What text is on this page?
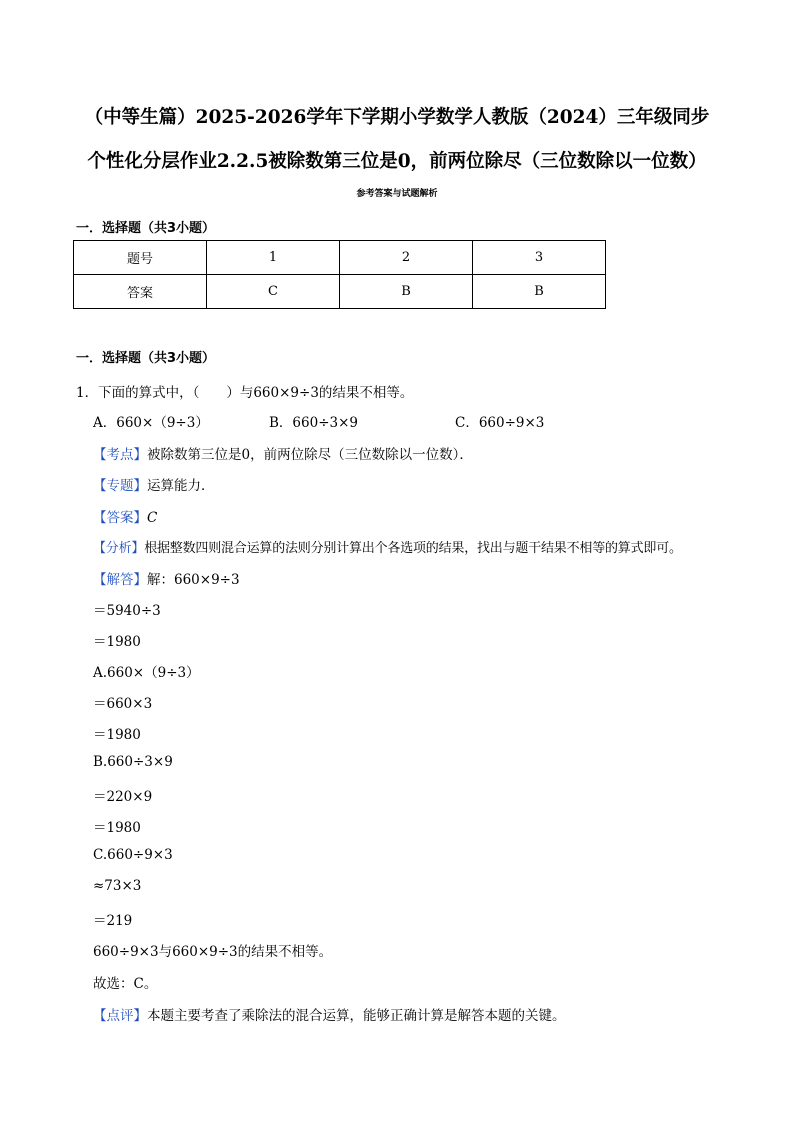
（中等生篇）2025-2026学年下学期小学数学人教版（2024）三年级同步
个性化分层作业2.2.5被除数第三位是0，前两位除尽（三位数除以一位数）
参考答案与试题解析
一．选择题（共3小题）
题号	1	2	3
答案	C	B	B
一．选择题（共3小题）
1．下面的算式中，（　　）与660×9÷3的结果不相等。
A．660×（9÷3）	B．660÷3×9	C．660÷9×3
【考点】被除数第三位是0，前两位除尽（三位数除以一位数）．
【专题】运算能力．
【答案】C
【分析】根据整数四则混合运算的法则分别计算出个各选项的结果，找出与题干结果不相等的算式即可。
【解答】解：660×9÷3
＝5940÷3
＝1980
A.660×（9÷3）
＝660×3
＝1980
B.660÷3×9
＝220×9
＝1980
C.660÷9×3
≈73×3
＝219
660÷9×3与660×9÷3的结果不相等。
故选：C。
【点评】本题主要考查了乘除法的混合运算，能够正确计算是解答本题的关键。
